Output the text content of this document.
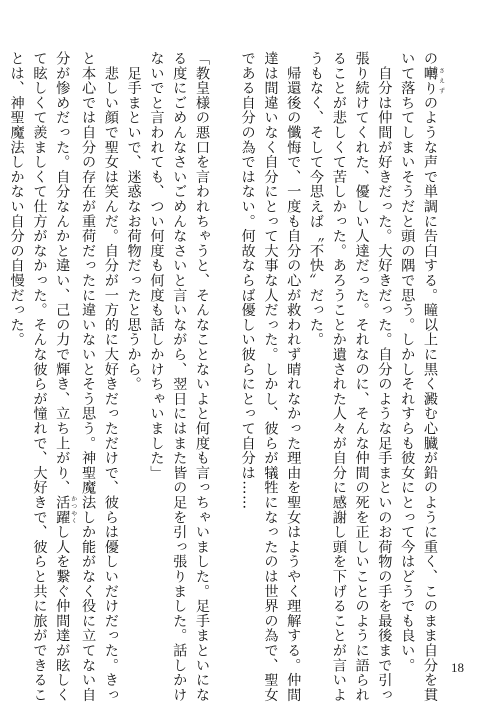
の囀り さえずのような声で単調に告白する。瞳以上に黒く澱む心臓が鉛のように重く、このまま自分を貫
いて落ちてしまいそうだと頭の隅で思う。しかしそれすらも彼女にとって今はどうでも良い。
　自分は仲間が好きだった。大好きだった。自分のような足手まといのお荷物の手を最後まで引っ
張り続けてくれた、優しい人達だった。それなのに、そんな仲間の死を正しいことのように語られ
ることが悲しくて苦しかった。あろうことか遺された人々が自分に感謝し頭を下げることが言いよ
うもなく、そして今思えば〝不快〟だった。
　帰還後の懺悔で、一度も自分の心が救われず晴れなかった理由を聖女はようやく理解する。仲間
達は間違いなく自分にとって大事な人だった。しかし、彼らが犠牲になったのは世界の為で、聖女
である自分の為ではない。何故ならば優しい彼らにとって自分は……

「教皇様の悪口を言われちゃうと、そんなことないよと何度も言っちゃいました。足手まといにな
る度にごめんなさいごめんなさいと言いながら、翌日にはまた皆の足を引っ張りました。話しかけ
ないでと言われても、つい何度も何度も話しかけちゃいました」
　足手まといで、迷惑なお荷物だったと思うから。
　悲しい顔で聖女は笑んだ。自分が一方的に大好きだっただけで、彼らは優しいだけだった。きっ
と本心では自分の存在が重荷だったに違いないとそう思う。神聖魔法しか能がなく役に立てない自
分が惨めだった。自分なんかと違い、己の力で輝き、立ち上がり、活躍 かつやくし人を繋ぐ仲間達が眩しく
て眩しくて羨ましくて仕方がなかった。そんな彼らが憧れで、大好きで、彼らと共に旅ができるこ
とは、神聖魔法しかない自分の自慢だった。
18
